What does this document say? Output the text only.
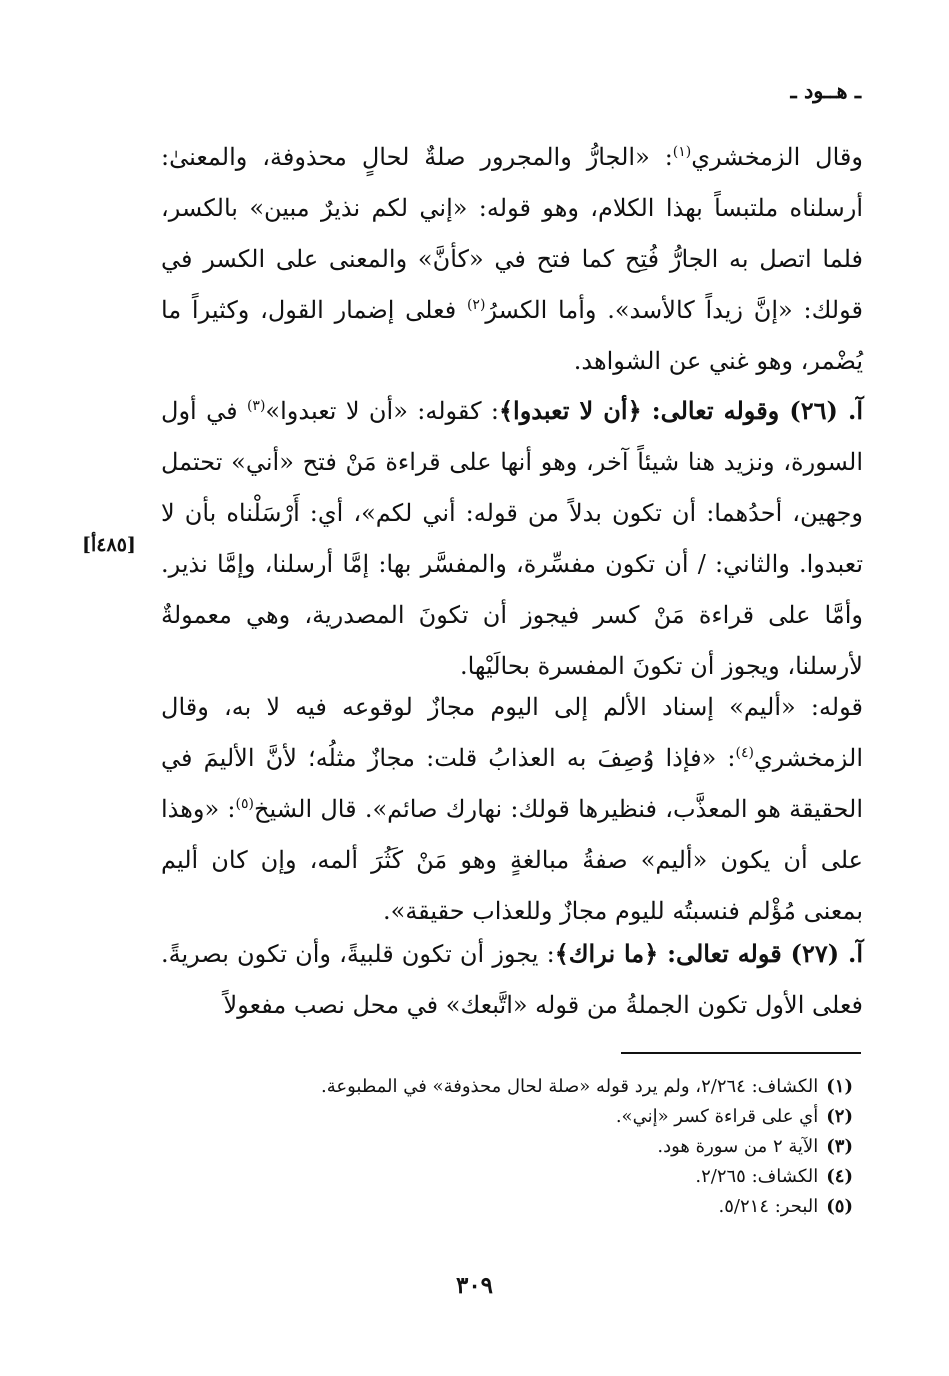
ـ هــود ـ

وقال الزمخشري$^{(١)}$: «الجارُّ والمجرور صلةٌ لحالٍ محذوفة، والمعنىٰ: أرسلناه ملتبساً بهذا الكلام، وهو قوله: «إني لكم نذيرٌ مبين» بالكسر، فلما اتصل به الجارُّ فُتِح كما فتح في «كأنَّ» والمعنى على الكسر في قولك: «إنَّ زيداً كالأسد». وأما الكسرُ$^{(٢)}$ فعلى إضمار القول، وكثيراً ما يُضْمر، وهو غني عن الشواهد.

آ. (٢٦) وقوله تعالى: ﴿أن لا تعبدوا﴾: كقوله: «أن لا تعبدوا»$^{(٣)}$ في أول السورة، ونزيد هنا شيئاً آخر، وهو أنها على قراءة مَنْ فتح «أني» تحتمل وجهين، أحدُهما: أن تكون بدلاً من قوله: أني لكم»، أي: أَرْسَلْناه بأن لا تعبدوا. والثاني: / أن تكون مفسِّرة، والمفسَّر بها: إمَّا أرسلنا، وإمَّا نذير. وأمَّا على قراءة مَنْ كسر فيجوز أن تكونَ المصدرية، وهي معمولةٌ لأرسلنا، ويجوز أن تكونَ المفسرة بحالَيْها.

[٤٨٥أ]

قوله: «أليم» إسناد الألم إلى اليوم مجازٌ لوقوعه فيه لا به، وقال الزمخشري$^{(٤)}$: «فإذا وُصِفَ به العذابُ قلت: مجازٌ مثلُه؛ لأنَّ الأليمَ في الحقيقة هو المعذَّب، فنظيرها قولك: نهارك صائم». قال الشيخ$^{(٥)}$: «وهذا على أن يكون «أليم» صفةُ مبالغةٍ وهو مَنْ كَثُرَ ألمه، وإن كان أليم بمعنى مُؤْلم فنسبتُه لليوم مجازٌ وللعذاب حقيقة».

آ. (٢٧) قوله تعالى: ﴿ما نراك﴾: يجوز أن تكون قلبيةً، وأن تكون بصريةً. فعلى الأول تكون الجملةُ من قوله «اتَّبعك» في محل نصب مفعولاً

(١)الكشاف: ٢/٢٦٤، ولم يرد قوله «صلة لحال محذوفة» في المطبوعة.
(٢)أي على قراءة كسر «إني».
(٣)الآية ٢ من سورة هود.
(٤)الكشاف: ٢/٢٦٥.
(٥)البحر: ٥/٢١٤.
٣٠٩
